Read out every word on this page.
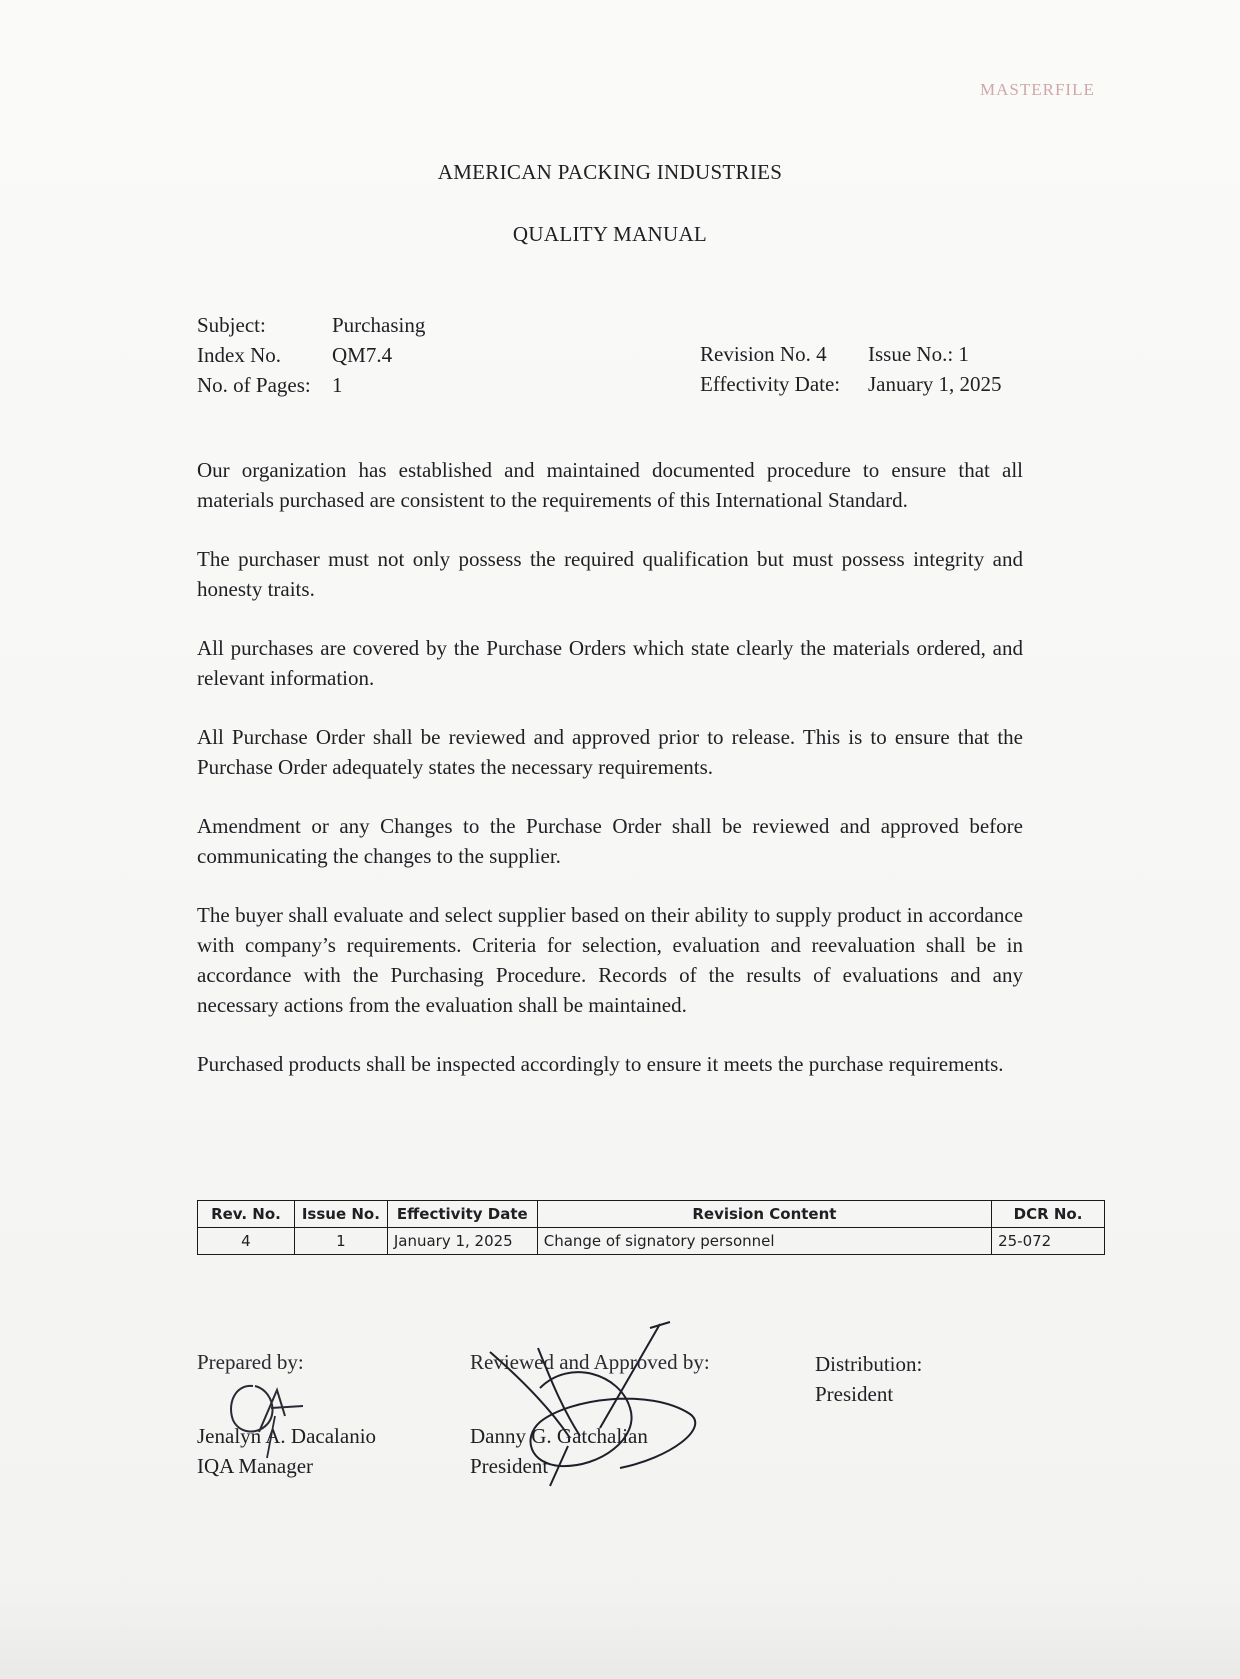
MASTERFILE
AMERICAN PACKING INDUSTRIES
QUALITY MANUAL
Subject:	Purchasing
Index No.	QM7.4
No. of Pages:	1
Revision No. 4	Issue No.: 1
Effectivity Date:	January 1, 2025

Our organization has established and maintained documented procedure to ensure that all materials purchased are consistent to the requirements of this International Standard.

The purchaser must not only possess the required qualification but must possess integrity and honesty traits.

All purchases are covered by the Purchase Orders which state clearly the materials ordered, and relevant information.

All Purchase Order shall be reviewed and approved prior to release. This is to ensure that the Purchase Order adequately states the necessary requirements.

Amendment or any Changes to the Purchase Order shall be reviewed and approved before communicating the changes to the supplier.

The buyer shall evaluate and select supplier based on their ability to supply product in accordance with company’s requirements. Criteria for selection, evaluation and reevaluation shall be in accordance with the Purchasing Procedure. Records of the results of evaluations and any necessary actions from the evaluation shall be maintained.

Purchased products shall be inspected accordingly to ensure it meets the purchase requirements.

Rev. No.	Issue No.	Effectivity Date	Revision Content	DCR No.
4	1	January 1, 2025	Change of signatory personnel	25-072
Prepared by:
Jenalyn A. Dacalanio
IQA Manager
Reviewed and Approved by:
Danny G. Gatchalian
President
Distribution:
President
